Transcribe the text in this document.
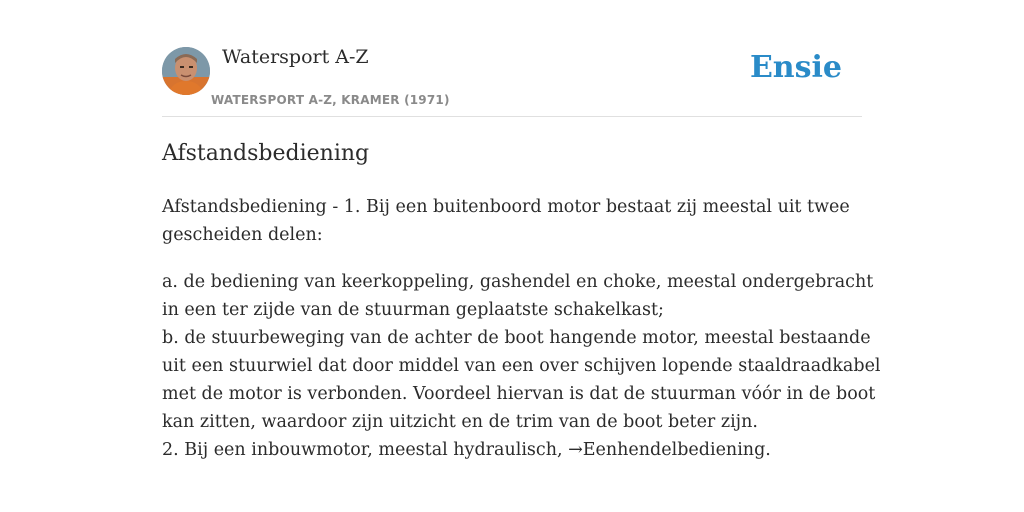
Watersport A-Z
WATERSPORT A-Z, KRAMER (1971)
Ensie
Afstandsbediening

Afstandsbediening - 1. Bij een buitenboord motor bestaat zij meestal uit twee
gescheiden delen:

a. de bediening van keerkoppeling, gashendel en choke, meestal ondergebracht
in een ter zijde van de stuurman geplaatste schakelkast;
b. de stuurbeweging van de achter de boot hangende motor, meestal bestaande
uit een stuurwiel dat door middel van een over schijven lopende staaldraadkabel
met de motor is verbonden. Voordeel hiervan is dat de stuurman vóór in de boot
kan zitten, waardoor zijn uitzicht en de trim van de boot beter zijn.
2. Bij een inbouwmotor, meestal hydraulisch, →Eenhendelbediening.
